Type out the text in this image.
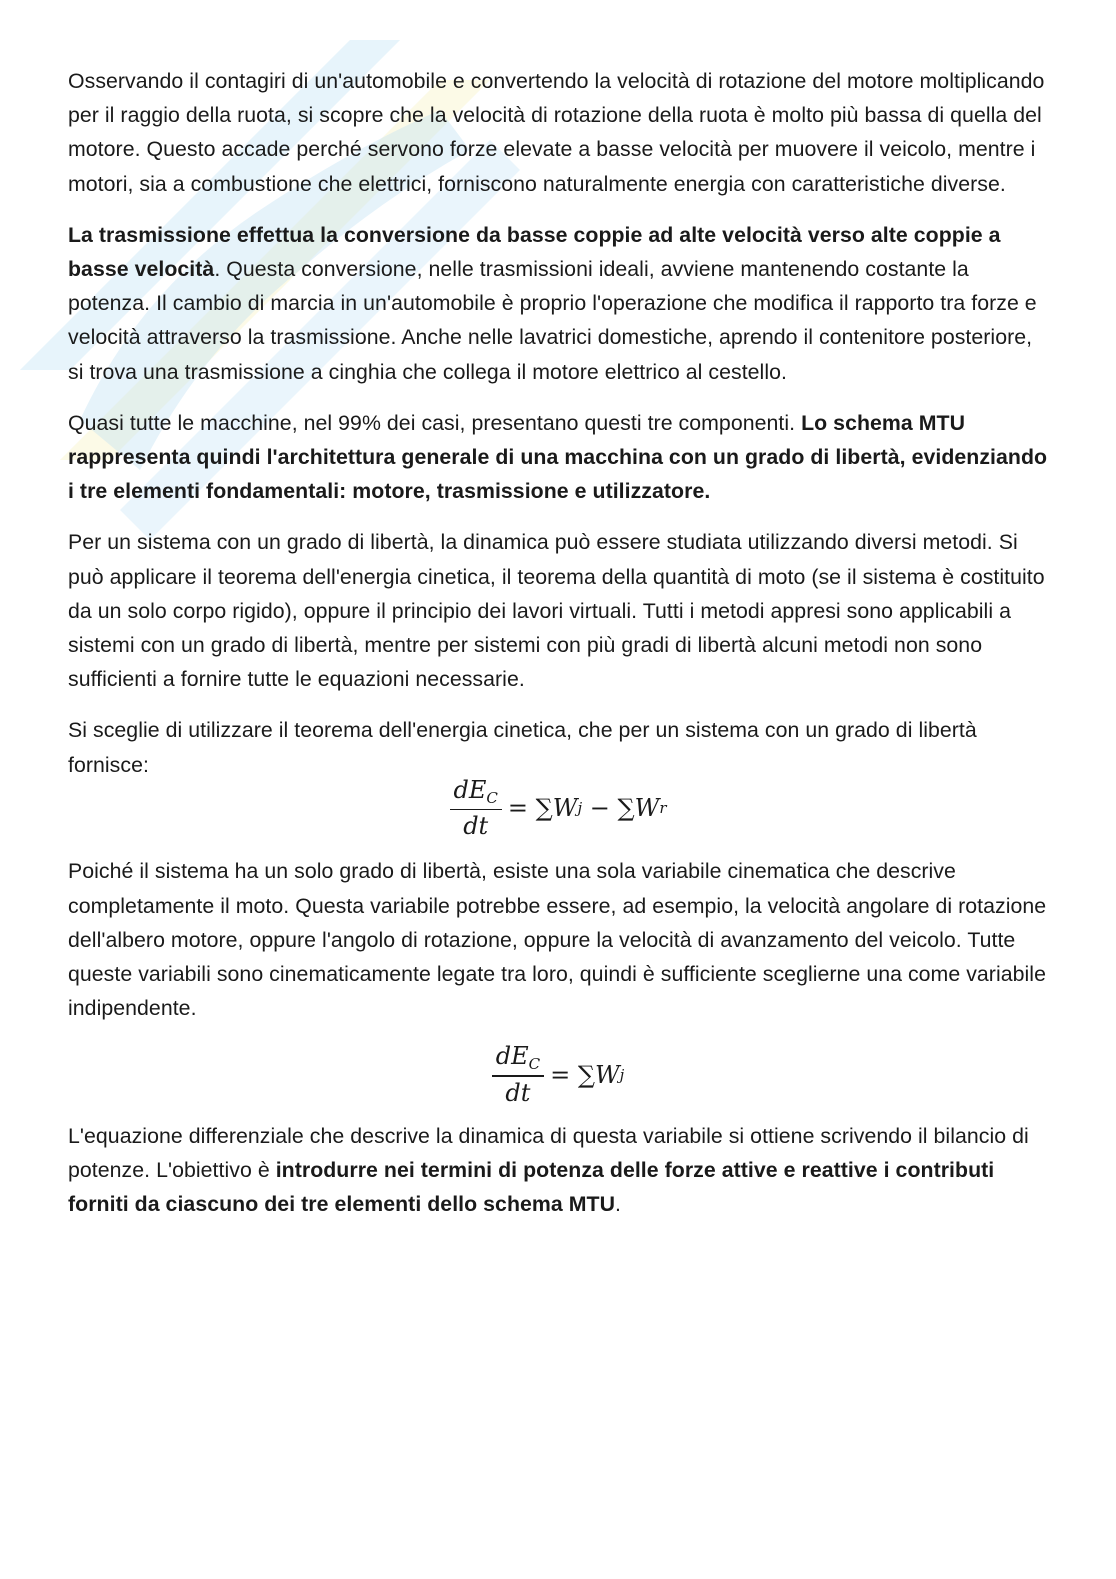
Osservando il contagiri di un'automobile e convertendo la velocità di rotazione del motore moltiplicando per il raggio della ruota, si scopre che la velocità di rotazione della ruota è molto più bassa di quella del motore. Questo accade perché servono forze elevate a basse velocità per muovere il veicolo, mentre i motori, sia a combustione che elettrici, forniscono naturalmente energia con caratteristiche diverse.

La trasmissione effettua la conversione da basse coppie ad alte velocità verso alte coppie a basse velocità. Questa conversione, nelle trasmissioni ideali, avviene mantenendo costante la potenza. Il cambio di marcia in un'automobile è proprio l'operazione che modifica il rapporto tra forze e velocità attraverso la trasmissione. Anche nelle lavatrici domestiche, aprendo il contenitore posteriore, si trova una trasmissione a cinghia che collega il motore elettrico al cestello.

Quasi tutte le macchine, nel 99% dei casi, presentano questi tre componenti. Lo schema MTU rappresenta quindi l'architettura generale di una macchina con un grado di libertà, evidenziando i tre elementi fondamentali: motore, trasmissione e utilizzatore.

Per un sistema con un grado di libertà, la dinamica può essere studiata utilizzando diversi metodi. Si può applicare il teorema dell'energia cinetica, il teorema della quantità di moto (se il sistema è costituito da un solo corpo rigido), oppure il principio dei lavori virtuali. Tutti i metodi appresi sono applicabili a sistemi con un grado di libertà, mentre per sistemi con più gradi di libertà alcuni metodi non sono sufficienti a fornire tutte le equazioni necessarie.

Si sceglie di utilizzare il teorema dell'energia cinetica, che per un sistema con un grado di libertà fornisce:

$\frac{dE_C}{dt}$ =
∑W j
−
∑W r

Poiché il sistema ha un solo grado di libertà, esiste una sola variabile cinematica che descrive completamente il moto. Questa variabile potrebbe essere, ad esempio, la velocità angolare di rotazione dell'albero motore, oppure l'angolo di rotazione, oppure la velocità di avanzamento del veicolo. Tutte queste variabili sono cinematicamente legate tra loro, quindi è sufficiente sceglierne una come variabile indipendente.

$\frac{dE_C}{dt}$ =
∑W j

L'equazione differenziale che descrive la dinamica di questa variabile si ottiene scrivendo il bilancio di potenze. L'obiettivo è introdurre nei termini di potenza delle forze attive e reattive i contributi forniti da ciascuno dei tre elementi dello schema MTU.
